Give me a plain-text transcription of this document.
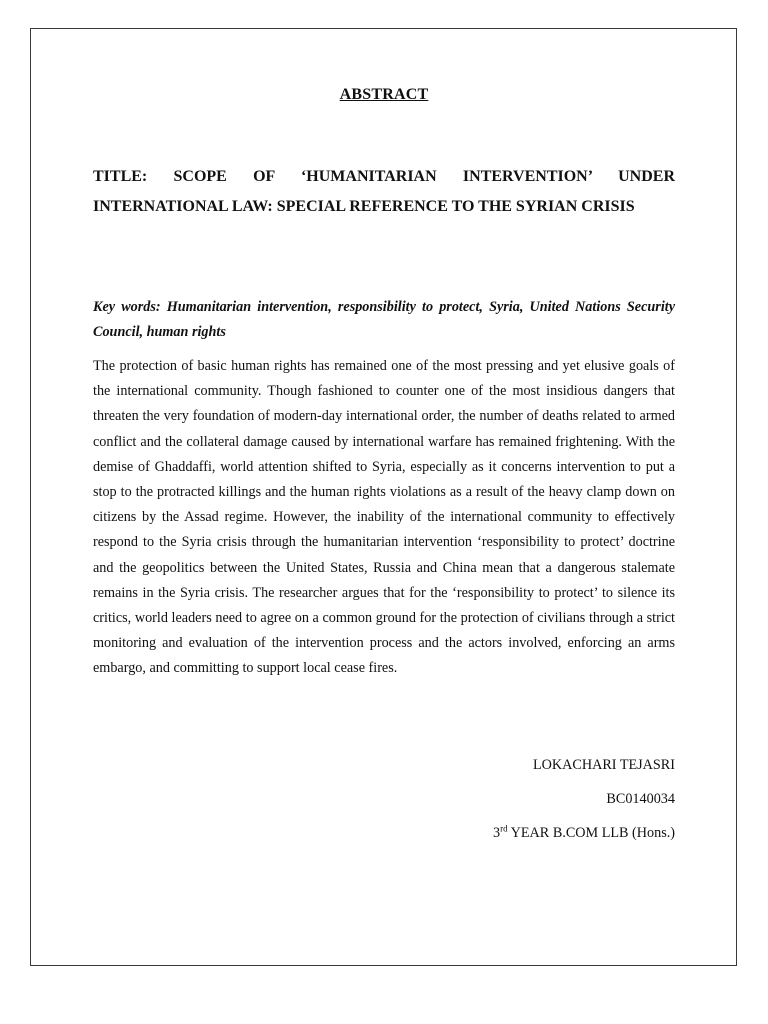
ABSTRACT
TITLE: SCOPE OF ‘HUMANITARIAN INTERVENTION’ UNDER INTERNATIONAL LAW: SPECIAL REFERENCE TO THE SYRIAN CRISIS
Key words: Humanitarian intervention, responsibility to protect, Syria, United Nations Security Council, human rights
The protection of basic human rights has remained one of the most pressing and yet elusive goals of the international community. Though fashioned to counter one of the most insidious dangers that threaten the very foundation of modern-day international order, the number of deaths related to armed conflict and the collateral damage caused by international warfare has remained frightening. With the demise of Ghaddaffi, world attention shifted to Syria, especially as it concerns intervention to put a stop to the protracted killings and the human rights violations as a result of the heavy clamp down on citizens by the Assad regime. However, the inability of the international community to effectively respond to the Syria crisis through the humanitarian intervention ‘responsibility to protect’ doctrine and the geopolitics between the United States, Russia and China mean that a dangerous stalemate remains in the Syria crisis. The researcher argues that for the ‘responsibility to protect’ to silence its critics, world leaders need to agree on a common ground for the protection of civilians through a strict monitoring and evaluation of the intervention process and the actors involved, enforcing an arms embargo, and committing to support local cease fires.
LOKACHARI TEJASRI
BC0140034
3rd YEAR B.COM LLB (Hons.)
